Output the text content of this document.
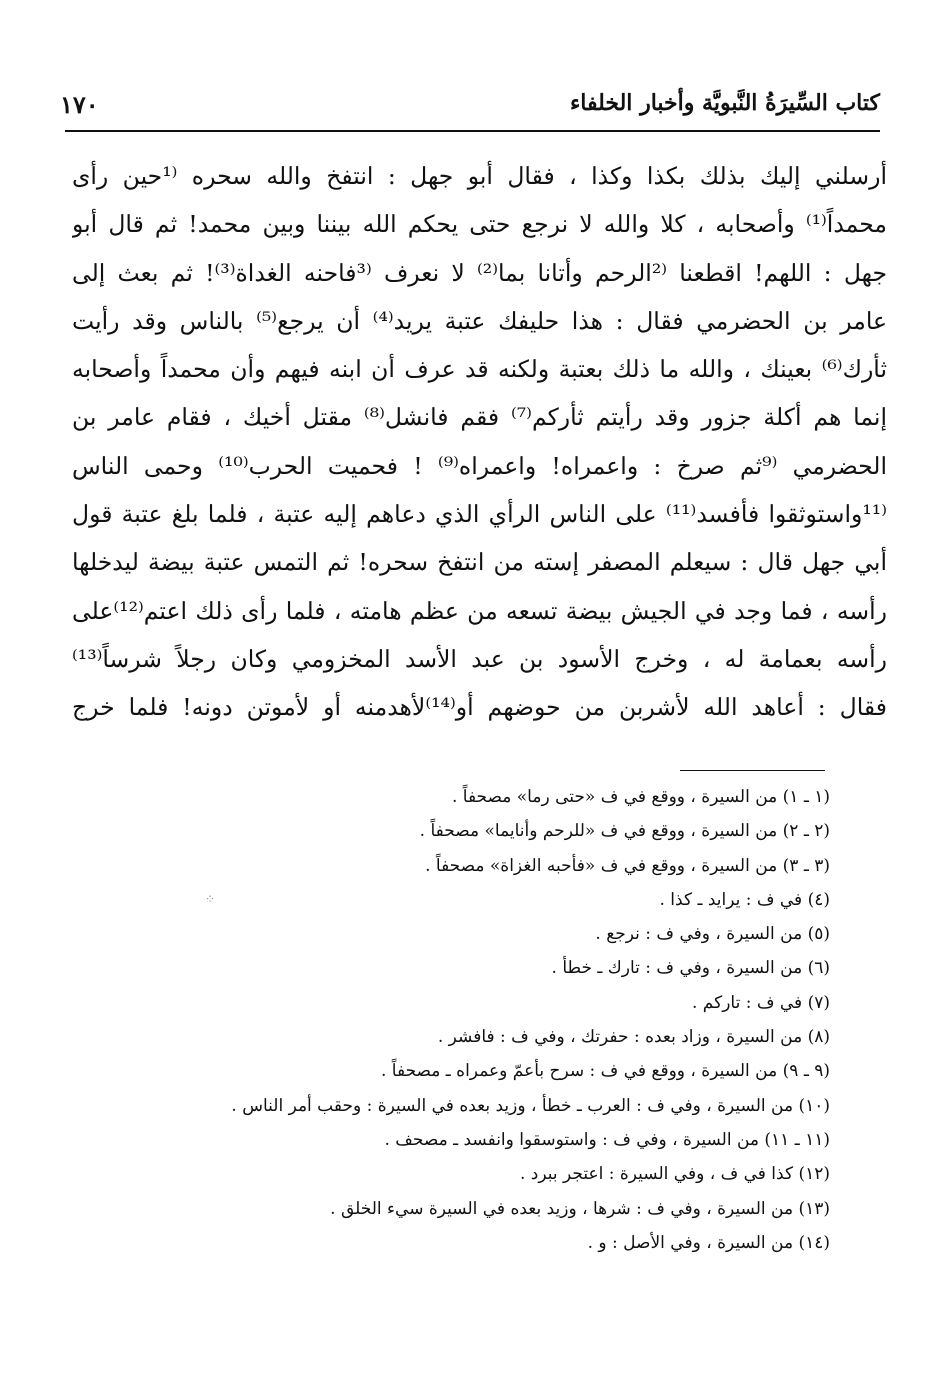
كتاب السِّيرَةُ النَّبويَّة وأخبار الخلفاء
١٧٠
أرسلني إليك بذلك بكذا وكذا ، فقال أبو جهل : انتفخ والله سحره ⁽¹حين رأى
محمداً⁽¹⁾ وأصحابه ، كلا والله لا نرجع حتى يحكم الله بيننا وبين محمد! ثم قال أبو
جهل : اللهم! اقطعنا ⁽²الرحم وأتانا بما⁽²⁾ لا نعرف ⁽³فاحنه الغداة⁽³⁾! ثم بعث إلى
عامر بن الحضرمي فقال : هذا حليفك عتبة يريد⁽⁴⁾ أن يرجع⁽⁵⁾ بالناس وقد رأيت
ثأرك⁽⁶⁾ بعينك ، والله ما ذلك بعتبة ولكنه قد عرف أن ابنه فيهم وأن محمداً وأصحابه
إنما هم أكلة جزور وقد رأيتم ثأركم⁽⁷⁾ فقم فانشل⁽⁸⁾ مقتل أخيك ، فقام عامر بن
الحضرمي ⁽⁹ثم صرخ : واعمراه! واعمراه⁽⁹⁾ ! فحميت الحرب⁽¹⁰⁾ وحمى الناس
⁽¹¹واستوثقوا فأفسد⁽¹¹⁾ على الناس الرأي الذي دعاهم إليه عتبة ، فلما بلغ عتبة قول
أبي جهل قال : سيعلم المصفر إسته من انتفخ سحره! ثم التمس عتبة بيضة ليدخلها
رأسه ، فما وجد في الجيش بيضة تسعه من عظم هامته ، فلما رأى ذلك اعتم⁽¹²⁾على
رأسه بعمامة له ، وخرج الأسود بن عبد الأسد المخزومي وكان رجلاً شرساً⁽¹³⁾
فقال : أعاهد الله لأشربن من حوضهم أو⁽¹⁴⁾لأهدمنه أو لأموتن دونه! فلما خرج
(١ ـ ١) من السيرة ، ووقع في ف «حتى رما» مصحفاً .
(٢ ـ ٢) من السيرة ، ووقع في ف «للرحم وأنايما» مصحفاً .
(٣ ـ ٣) من السيرة ، ووقع في ف «فأحبه الغزاة» مصحفاً .
(٤) في ف : يرايد ـ كذا .
(٥) من السيرة ، وفي ف : نرجع .
(٦) من السيرة ، وفي ف : تارك ـ خطأ .
(٧) في ف : تاركم .
(٨) من السيرة ، وزاد بعده : حفرتك ، وفي ف : فافشر .
(٩ ـ ٩) من السيرة ، ووقع في ف : سرح بأعمّ وعمراه ـ مصحفاً .
(١٠) من السيرة ، وفي ف : العرب ـ خطأ ، وزيد بعده في السيرة : وحقب أمر الناس .
(١١ ـ ١١) من السيرة ، وفي ف : واستوسقوا وانفسد ـ مصحف .
(١٢) كذا في ف ، وفي السيرة : اعتجر ببرد .
(١٣) من السيرة ، وفي ف : شرها ، وزيد بعده في السيرة سيء الخلق .
(١٤) من السيرة ، وفي الأصل : و .
⁘
